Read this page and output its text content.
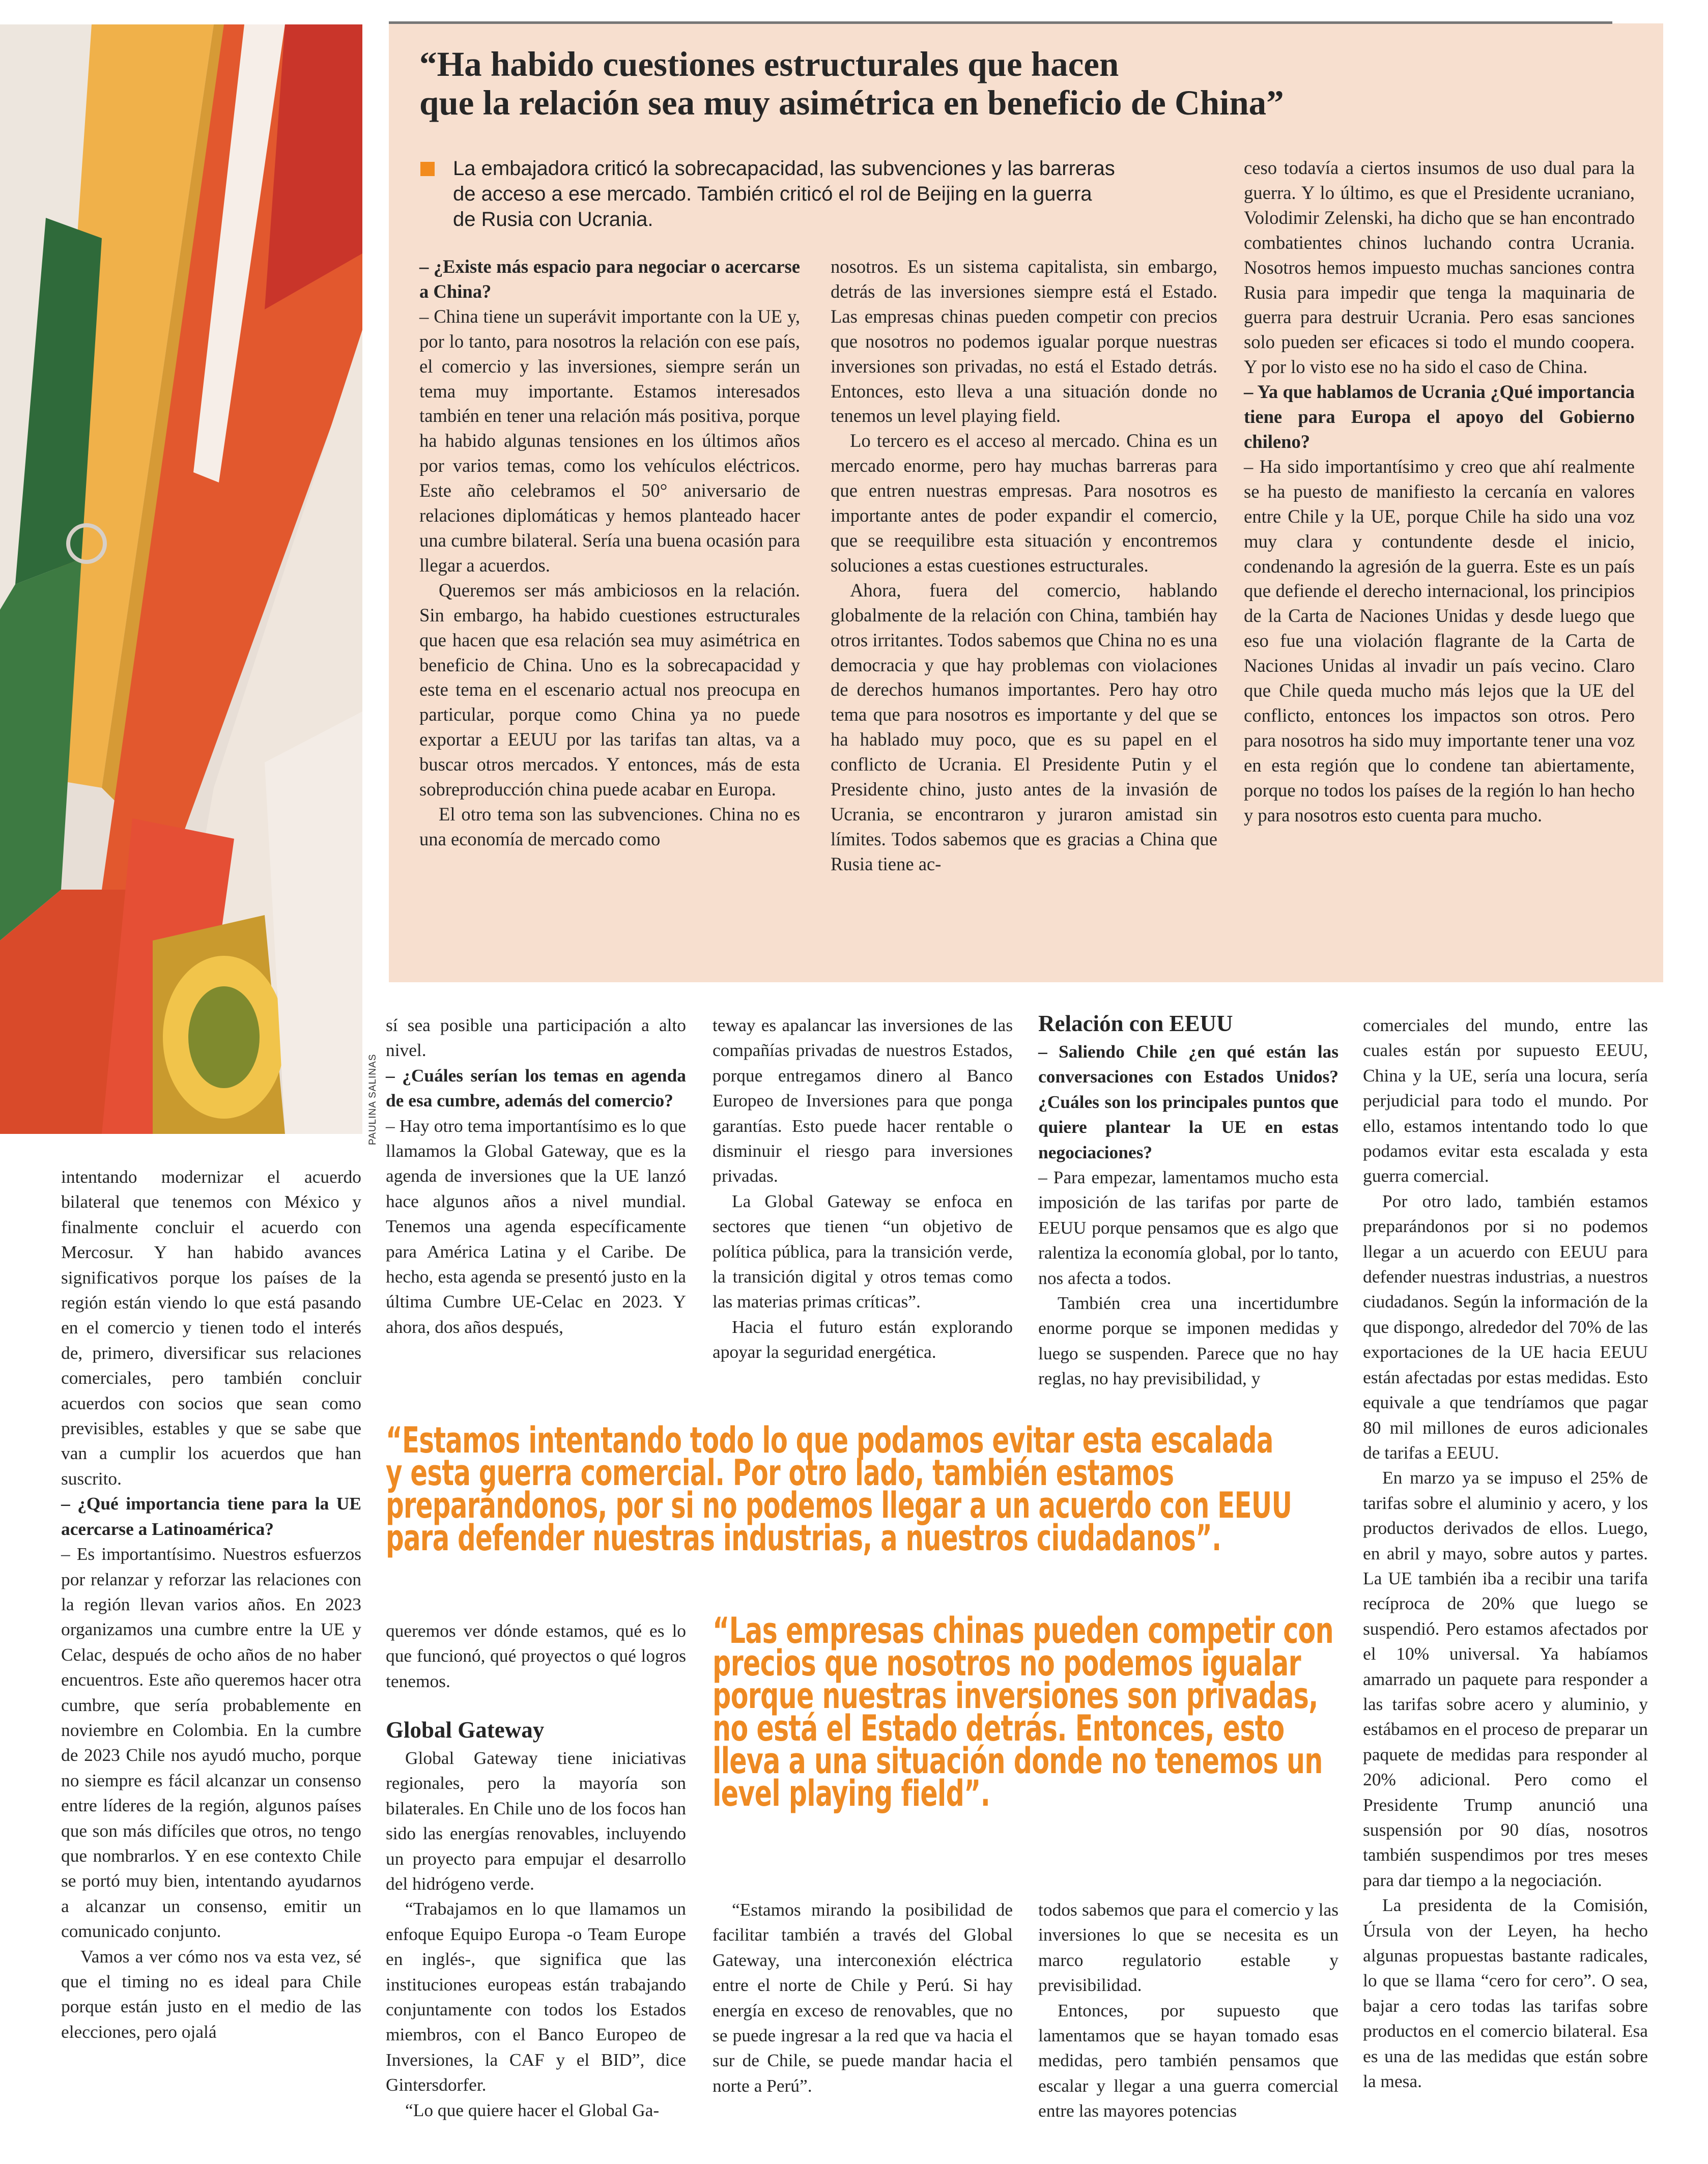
PAULINA SALINAS
“Ha habido cuestiones estructurales que hacen
que la relación sea muy asimétrica en beneficio de China”
La embajadora criticó la sobrecapacidad, las subvenciones y las barreras
de acceso a ese mercado. También criticó el rol de Beijing en la guerra
de Rusia con Ucrania.

– ¿Existe más espacio para negociar o acercarse a China?

– China tiene un superávit importante con la UE y, por lo tanto, para nosotros la relación con ese país, el comercio y las inversiones, siempre serán un tema muy importante. Estamos interesados también en tener una relación más positiva, porque ha habido algunas tensiones en los últimos años por varios temas, como los vehículos eléctricos. Este año celebramos el 50° aniversario de relaciones diplomáticas y hemos planteado hacer una cumbre bilateral. Sería una buena ocasión para llegar a acuerdos.

Queremos ser más ambiciosos en la relación. Sin embargo, ha habido cuestiones estructurales que hacen que esa relación sea muy asimétrica en beneficio de China. Uno es la sobrecapacidad y este tema en el escenario actual nos preocupa en particular, porque como China ya no puede exportar a EEUU por las tarifas tan altas, va a buscar otros mercados. Y entonces, más de esta sobreproducción china puede acabar en Europa.

El otro tema son las subvenciones. China no es una economía de mercado como

nosotros. Es un sistema capitalista, sin embargo, detrás de las inversiones siempre está el Estado. Las empresas chinas pueden competir con precios que nosotros no podemos igualar porque nuestras inversiones son privadas, no está el Estado detrás. Entonces, esto lleva a una situación donde no tenemos un level playing field.

Lo tercero es el acceso al mercado. China es un mercado enorme, pero hay muchas barreras para que entren nuestras empresas. Para nosotros es importante antes de poder expandir el comercio, que se reequilibre esta situación y encontremos soluciones a estas cuestiones estructurales.

Ahora, fuera del comercio, hablando globalmente de la relación con China, también hay otros irritantes. Todos sabemos que China no es una democracia y que hay problemas con violaciones de derechos humanos importantes. Pero hay otro tema que para nosotros es importante y del que se ha hablado muy poco, que es su papel en el conflicto de Ucrania. El Presidente Putin y el Presidente chino, justo antes de la invasión de Ucrania, se encontraron y juraron amistad sin límites. Todos sabemos que es gracias a China que Rusia tiene ac-

ceso todavía a ciertos insumos de uso dual para la guerra. Y lo último, es que el Presidente ucraniano, Volodimir Zelenski, ha dicho que se han encontrado combatientes chinos luchando contra Ucrania. Nosotros hemos impuesto muchas sanciones contra Rusia para impedir que tenga la maquinaria de guerra para destruir Ucrania. Pero esas sanciones solo pueden ser eficaces si todo el mundo coopera. Y por lo visto ese no ha sido el caso de China.

– Ya que hablamos de Ucrania ¿Qué importancia tiene para Europa el apoyo del Gobierno chileno?

– Ha sido importantísimo y creo que ahí realmente se ha puesto de manifiesto la cercanía en valores entre Chile y la UE, porque Chile ha sido una voz muy clara y contundente desde el inicio, condenando la agresión de la guerra. Este es un país que defiende el derecho internacional, los principios de la Carta de Naciones Unidas y desde luego que eso fue una violación flagrante de la Carta de Naciones Unidas al invadir un país vecino. Claro que Chile queda mucho más lejos que la UE del conflicto, entonces los impactos son otros. Pero para nosotros ha sido muy importante tener una voz en esta región que lo condene tan abiertamente, porque no todos los países de la región lo han hecho y para nosotros esto cuenta para mucho.

intentando modernizar el acuerdo bilateral que tenemos con México y finalmente concluir el acuerdo con Mercosur. Y han habido avances significativos porque los países de la región están viendo lo que está pasando en el comercio y tienen todo el interés de, primero, diversificar sus relaciones comerciales, pero también concluir acuerdos con socios que sean como previsibles, estables y que se sabe que van a cumplir los acuerdos que han suscrito.

– ¿Qué importancia tiene para la UE acercarse a Latinoamérica?

– Es importantísimo. Nuestros esfuerzos por relanzar y reforzar las relaciones con la región llevan varios años. En 2023 organizamos una cumbre entre la UE y Celac, después de ocho años de no haber encuentros. Este año queremos hacer otra cumbre, que sería probablemente en noviembre en Colombia. En la cumbre de 2023 Chile nos ayudó mucho, porque no siempre es fácil alcanzar un consenso entre líderes de la región, algunos países que son más difíciles que otros, no tengo que nombrarlos. Y en ese contexto Chile se portó muy bien, intentando ayudarnos a alcanzar un consenso, emitir un comunicado conjunto.

Vamos a ver cómo nos va esta vez, sé que el timing no es ideal para Chile porque están justo en el medio de las elecciones, pero ojalá

sí sea posible una participación a alto nivel.

– ¿Cuáles serían los temas en agenda de esa cumbre, además del comercio?

– Hay otro tema importantísimo es lo que llamamos la Global Gateway, que es la agenda de inversiones que la UE lanzó hace algunos años a nivel mundial. Tenemos una agenda específicamente para América Latina y el Caribe. De hecho, esta agenda se presentó justo en la última Cumbre UE-Celac en 2023. Y ahora, dos años después,

teway es apalancar las inversiones de las compañías privadas de nuestros Estados, porque entregamos dinero al Banco Europeo de Inversiones para que ponga garantías. Esto puede hacer rentable o disminuir el riesgo para inversiones privadas.

La Global Gateway se enfoca en sectores que tienen “un objetivo de política pública, para la transición verde, la transición digital y otros temas como las materias primas críticas”.

Hacia el futuro están explorando apoyar la seguridad energética.

Relación con EEUU

– Saliendo Chile ¿en qué están las conversaciones con Estados Unidos? ¿Cuáles son los principales puntos que quiere plantear la UE en estas negociaciones?

– Para empezar, lamentamos mucho esta imposición de las tarifas por parte de EEUU porque pensamos que es algo que ralentiza la economía global, por lo tanto, nos afecta a todos.

También crea una incertidumbre enorme porque se imponen medidas y luego se suspenden. Parece que no hay reglas, no hay previsibilidad, y

comerciales del mundo, entre las cuales están por supuesto EEUU, China y la UE, sería una locura, sería perjudicial para todo el mundo. Por ello, estamos intentando todo lo que podamos evitar esta escalada y esta guerra comercial.

Por otro lado, también estamos preparándonos por si no podemos llegar a un acuerdo con EEUU para defender nuestras industrias, a nuestros ciudadanos. Según la información de la que dispongo, alrededor del 70% de las exportaciones de la UE hacia EEUU están afectadas por estas medidas. Esto equivale a que tendríamos que pagar 80 mil millones de euros adicionales de tarifas a EEUU.

En marzo ya se impuso el 25% de tarifas sobre el aluminio y acero, y los productos derivados de ellos. Luego, en abril y mayo, sobre autos y partes. La UE también iba a recibir una tarifa recíproca de 20% que luego se suspendió. Pero estamos afectados por el 10% universal. Ya habíamos amarrado un paquete para responder a las tarifas sobre acero y aluminio, y estábamos en el proceso de preparar un paquete de medidas para responder al 20% adicional. Pero como el Presidente Trump anunció una suspensión por 90 días, nosotros también suspendimos por tres meses para dar tiempo a la negociación.

La presidenta de la Comisión, Úrsula von der Leyen, ha hecho algunas propuestas bastante radicales, lo que se llama “cero for cero”. O sea, bajar a cero todas las tarifas sobre productos en el comercio bilateral. Esa es una de las medidas que están sobre la mesa.

“Estamos intentando todo lo que podamos evitar esta escalada
y esta guerra comercial. Por otro lado, también estamos
preparándonos, por si no podemos llegar a un acuerdo con EEUU
para defender nuestras industrias, a nuestros ciudadanos”.

queremos ver dónde estamos, qué es lo que funcionó, qué proyectos o qué logros tenemos.

“Las empresas chinas pueden competir con
precios que nosotros no podemos igualar
porque nuestras inversiones son privadas,
no está el Estado detrás. Entonces, esto
lleva a una situación donde no tenemos un
level playing field”.
Global Gateway

Global Gateway tiene iniciativas regionales, pero la mayoría son bilaterales. En Chile uno de los focos han sido las energías renovables, incluyendo un proyecto para empujar el desarrollo del hidrógeno verde.

“Trabajamos en lo que llamamos un enfoque Equipo Europa -o Team Europe en inglés-, que significa que las instituciones europeas están trabajando conjuntamente con todos los Estados miembros, con el Banco Europeo de Inversiones, la CAF y el BID”, dice Gintersdorfer.

“Lo que quiere hacer el Global Ga-

“Estamos mirando la posibilidad de facilitar también a través del Global Gateway, una interconexión eléctrica entre el norte de Chile y Perú. Si hay energía en exceso de renovables, que no se puede ingresar a la red que va hacia el sur de Chile, se puede mandar hacia el norte a Perú”.

todos sabemos que para el comercio y las inversiones lo que se necesita es un marco regulatorio estable y previsibilidad.

Entonces, por supuesto que lamentamos que se hayan tomado esas medidas, pero también pensamos que escalar y llegar a una guerra comercial entre las mayores potencias
